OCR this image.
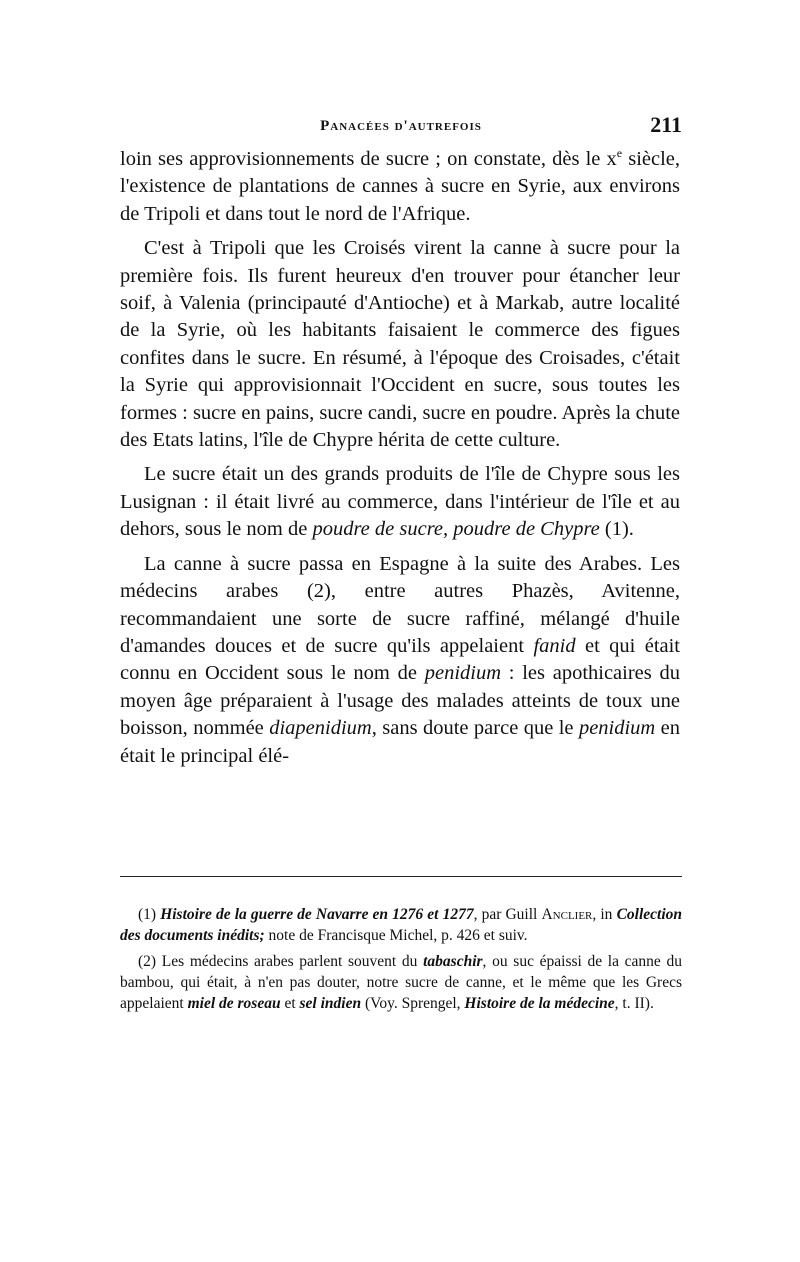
Panacées d'autrefois	211

loin ses approvisionnements de sucre ; on constate, dès le $x^e$ siècle, l'existence de plantations de cannes à sucre en Syrie, aux environs de Tripoli et dans tout le nord de l'Afrique.

C'est à Tripoli que les Croisés virent la canne à sucre pour la première fois. Ils furent heureux d'en trouver pour étancher leur soif, à Valenia (principauté d'Antioche) et à Markab, autre localité de la Syrie, où les habitants faisaient le commerce des figues confites dans le sucre. En résumé, à l'époque des Croisades, c'était la Syrie qui approvisionnait l'Occident en sucre, sous toutes les formes : sucre en pains, sucre candi, sucre en poudre. Après la chute des Etats latins, l'île de Chypre hérita de cette culture.

Le sucre était un des grands produits de l'île de Chypre sous les Lusignan : il était livré au commerce, dans l'intérieur de l'île et au dehors, sous le nom de poudre de sucre, poudre de Chypre (1).

La canne à sucre passa en Espagne à la suite des Arabes. Les médecins arabes (2), entre autres Phazès, Avitenne, recommandaient une sorte de sucre raffiné, mélangé d'huile d'amandes douces et de sucre qu'ils appelaient fanid et qui était connu en Occident sous le nom de penidium : les apothicaires du moyen âge préparaient à l'usage des malades atteints de toux une boisson, nommée diapenidium, sans doute parce que le penidium en était le principal élé-

(1) Histoire de la guerre de Navarre en 1276 et 1277, par Guill Anclier, in Collection des documents inédits; note de Francisque Michel, p. 426 et suiv.

(2) Les médecins arabes parlent souvent du tabaschir, ou suc épaissi de la canne du bambou, qui était, à n'en pas douter, notre sucre de canne, et le même que les Grecs appelaient miel de roseau et sel indien (Voy. Sprengel, Histoire de la médecine, t. II).
